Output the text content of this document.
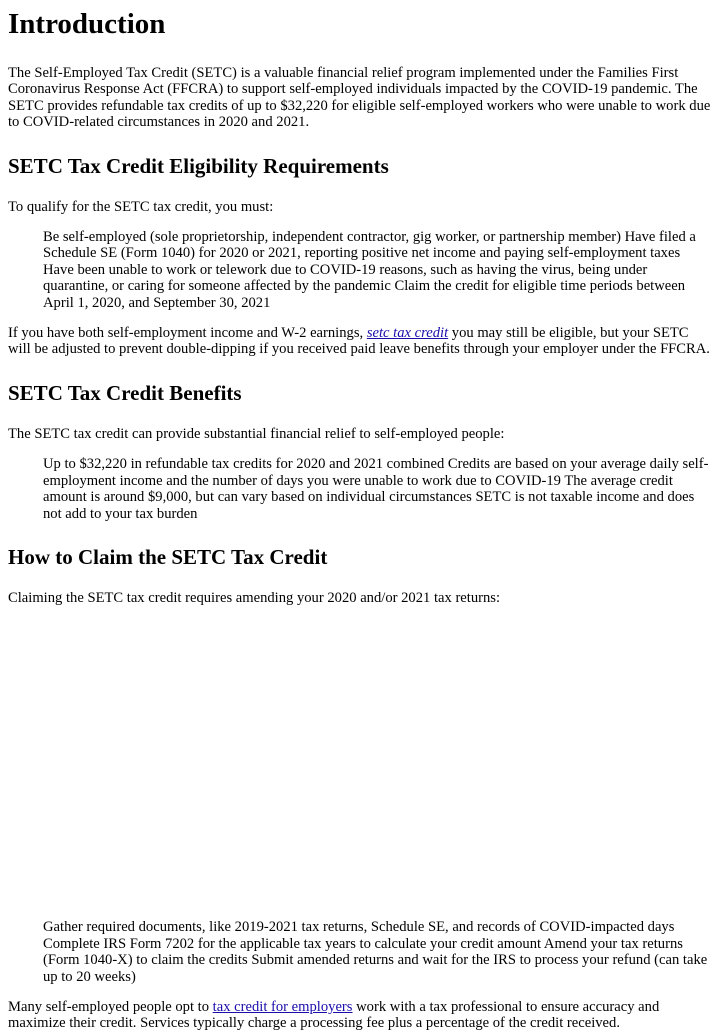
Introduction

The Self-Employed Tax Credit (SETC) is a valuable financial relief program implemented under the Families First Coronavirus Response Act (FFCRA) to support self-employed individuals impacted by the COVID-19 pandemic. The SETC provides refundable tax credits of up to $32,220 for eligible self-employed workers who were unable to work due to COVID-related circumstances in 2020 and 2021.

SETC Tax Credit Eligibility Requirements

To qualify for the SETC tax credit, you must:

Be self-employed (sole proprietorship, independent contractor, gig worker, or partnership member) Have filed a Schedule SE (Form 1040) for 2020 or 2021, reporting positive net income and paying self-employment taxes Have been unable to work or telework due to COVID-19 reasons, such as having the virus, being under quarantine, or caring for someone affected by the pandemic Claim the credit for eligible time periods between April 1, 2020, and September 30, 2021

If you have both self-employment income and W-2 earnings, setc tax credit you may still be eligible, but your SETC will be adjusted to prevent double-dipping if you received paid leave benefits through your employer under the FFCRA.

SETC Tax Credit Benefits

The SETC tax credit can provide substantial financial relief to self-employed people:

Up to $32,220 in refundable tax credits for 2020 and 2021 combined Credits are based on your average daily self-employment income and the number of days you were unable to work due to COVID-19 The average credit amount is around $9,000, but can vary based on individual circumstances SETC is not taxable income and does not add to your tax burden

How to Claim the SETC Tax Credit

Claiming the SETC tax credit requires amending your 2020 and/or 2021 tax returns:

Gather required documents, like 2019-2021 tax returns, Schedule SE, and records of COVID-impacted days Complete IRS Form 7202 for the applicable tax years to calculate your credit amount Amend your tax returns (Form 1040-X) to claim the credits Submit amended returns and wait for the IRS to process your refund (can take up to 20 weeks)

Many self-employed people opt to tax credit for employers work with a tax professional to ensure accuracy and maximize their credit. Services typically charge a processing fee plus a percentage of the credit received.
